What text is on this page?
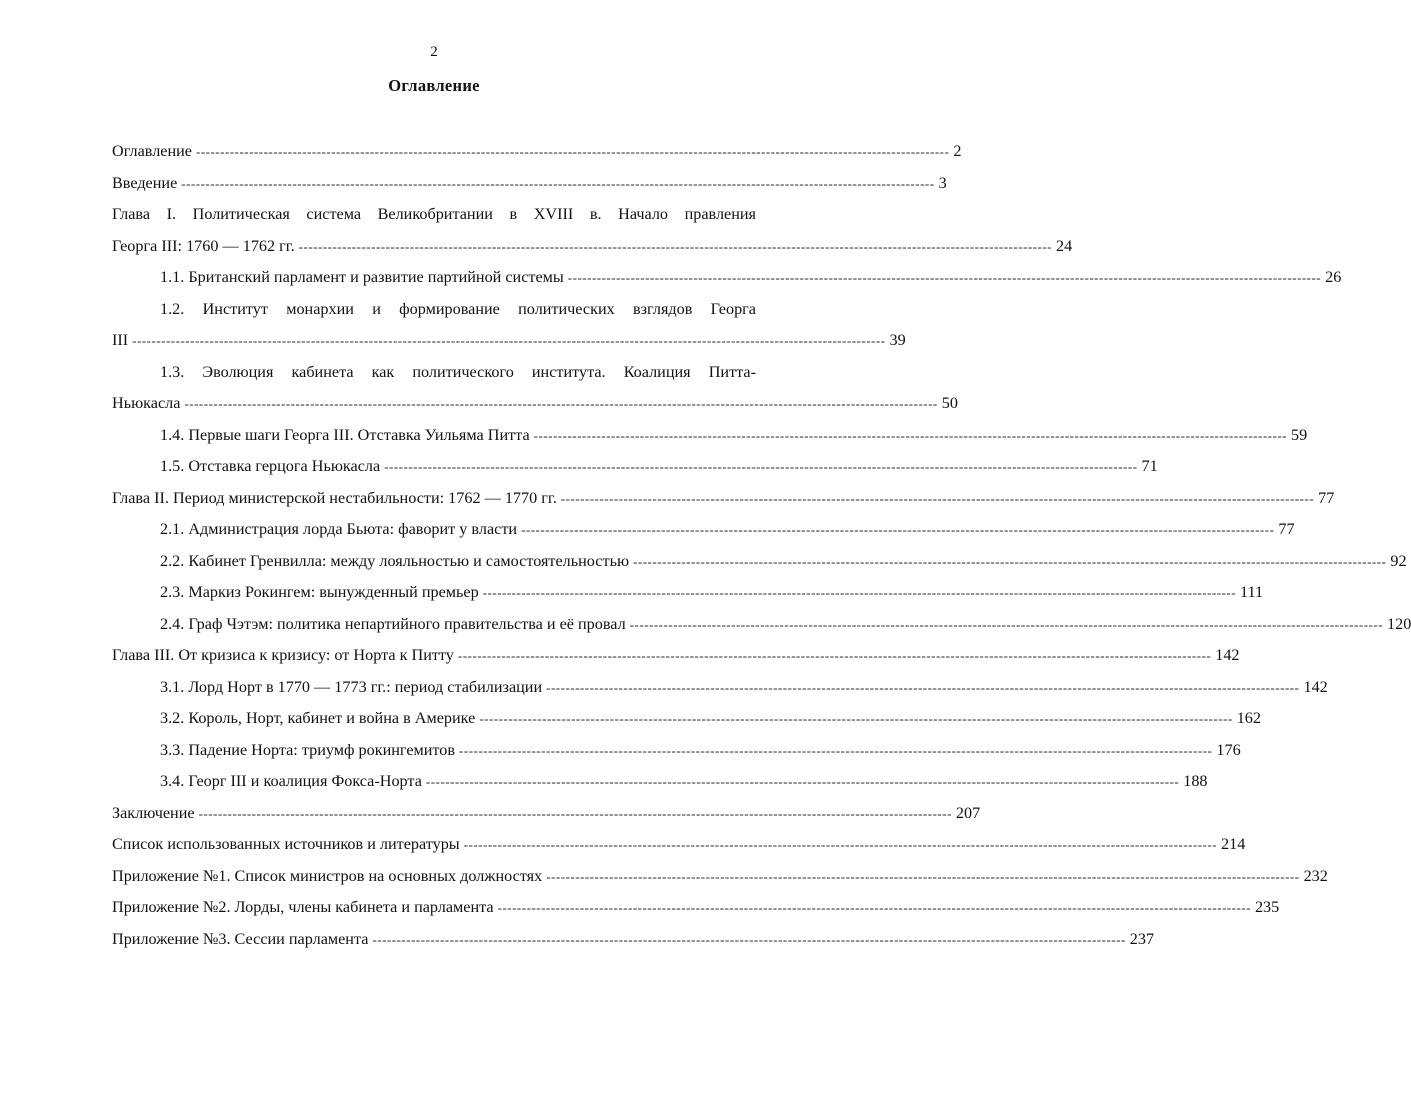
2
Оглавление
Оглавление ------------------------------------------------------------------------------------------------------------------------------------------------------------ 2
Введение ------------------------------------------------------------------------------------------------------------------------------------------------------------ 3
Глава I. Политическая система Великобритании в XVIII в. Начало правления
Георга III: 1760 — 1762 гг. ------------------------------------------------------------------------------------------------------------------------------------------------------------ 24
1.1. Британский парламент и развитие партийной системы ------------------------------------------------------------------------------------------------------------------------------------------------------------ 26
1.2. Институт монархии и формирование политических взглядов Георга
III ------------------------------------------------------------------------------------------------------------------------------------------------------------ 39
1.3. Эволюция кабинета как политического института. Коалиция Питта-
Ньюкасла ------------------------------------------------------------------------------------------------------------------------------------------------------------ 50
1.4. Первые шаги Георга III. Отставка Уильяма Питта ------------------------------------------------------------------------------------------------------------------------------------------------------------ 59
1.5. Отставка герцога Ньюкасла ------------------------------------------------------------------------------------------------------------------------------------------------------------ 71
Глава II. Период министерской нестабильности: 1762 — 1770 гг. ------------------------------------------------------------------------------------------------------------------------------------------------------------ 77
2.1. Администрация лорда Бьюта: фаворит у власти ------------------------------------------------------------------------------------------------------------------------------------------------------------ 77
2.2. Кабинет Гренвилла: между лояльностью и самостоятельностью ------------------------------------------------------------------------------------------------------------------------------------------------------------ 92
2.3. Маркиз Рокингем: вынужденный премьер ------------------------------------------------------------------------------------------------------------------------------------------------------------ 111
2.4. Граф Чэтэм: политика непартийного правительства и её провал ------------------------------------------------------------------------------------------------------------------------------------------------------------ 120
Глава III. От кризиса к кризису: от Норта к Питту ------------------------------------------------------------------------------------------------------------------------------------------------------------ 142
3.1. Лорд Норт в 1770 — 1773 гг.: период стабилизации ------------------------------------------------------------------------------------------------------------------------------------------------------------ 142
3.2. Король, Норт, кабинет и война в Америке ------------------------------------------------------------------------------------------------------------------------------------------------------------ 162
3.3. Падение Норта: триумф рокингемитов ------------------------------------------------------------------------------------------------------------------------------------------------------------ 176
3.4. Георг III и коалиция Фокса-Норта ------------------------------------------------------------------------------------------------------------------------------------------------------------ 188
Заключение ------------------------------------------------------------------------------------------------------------------------------------------------------------ 207
Список использованных источников и литературы ------------------------------------------------------------------------------------------------------------------------------------------------------------ 214
Приложение №1. Список министров на основных должностях ------------------------------------------------------------------------------------------------------------------------------------------------------------ 232
Приложение №2. Лорды, члены кабинета и парламента ------------------------------------------------------------------------------------------------------------------------------------------------------------ 235
Приложение №3. Сессии парламента ------------------------------------------------------------------------------------------------------------------------------------------------------------ 237
